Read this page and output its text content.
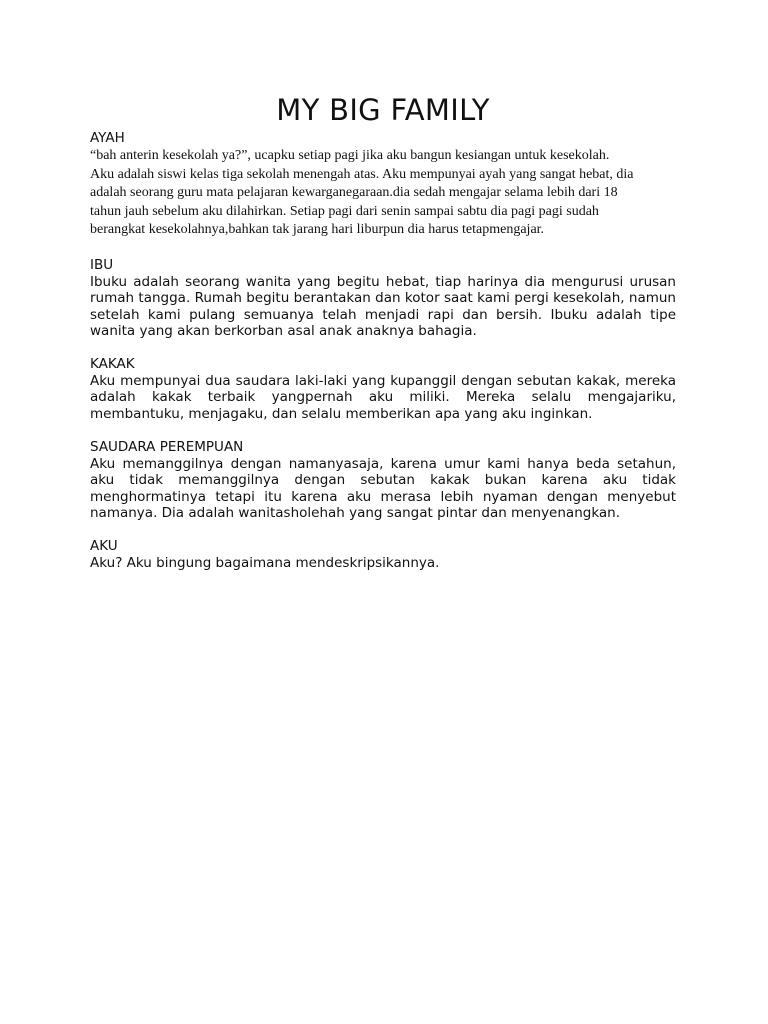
MY BIG FAMILY

AYAH

“bah anterin kesekolah ya?”, ucapku setiap pagi jika aku bangun kesiangan untuk kesekolah.
Aku adalah siswi kelas tiga sekolah menengah atas. Aku mempunyai ayah yang sangat hebat, dia
adalah seorang guru mata pelajaran kewarganegaraan.dia sedah mengajar selama lebih dari 18
tahun jauh sebelum aku dilahirkan. Setiap pagi dari senin sampai sabtu dia pagi pagi sudah
berangkat kesekolahnya,bahkan tak jarang hari liburpun dia harus tetapmengajar.

IBU

Ibuku adalah seorang wanita yang begitu hebat, tiap harinya dia mengurusi urusan rumah tangga. Rumah begitu berantakan dan kotor saat kami pergi kesekolah, namun setelah kami pulang semuanya telah menjadi rapi dan bersih. Ibuku adalah tipe wanita yang akan berkorban asal anak anaknya bahagia.

KAKAK

Aku mempunyai dua saudara laki-laki yang kupanggil dengan sebutan kakak, mereka adalah kakak terbaik yangpernah aku miliki. Mereka selalu mengajariku, membantuku, menjagaku, dan selalu memberikan apa yang aku inginkan.

SAUDARA PEREMPUAN

Aku memanggilnya dengan namanyasaja, karena umur kami hanya beda setahun, aku tidak memanggilnya dengan sebutan kakak bukan karena aku tidak menghormatinya tetapi itu karena aku merasa lebih nyaman dengan menyebut namanya. Dia adalah wanitasholehah yang sangat pintar dan menyenangkan.

AKU

Aku? Aku bingung bagaimana mendeskripsikannya.
